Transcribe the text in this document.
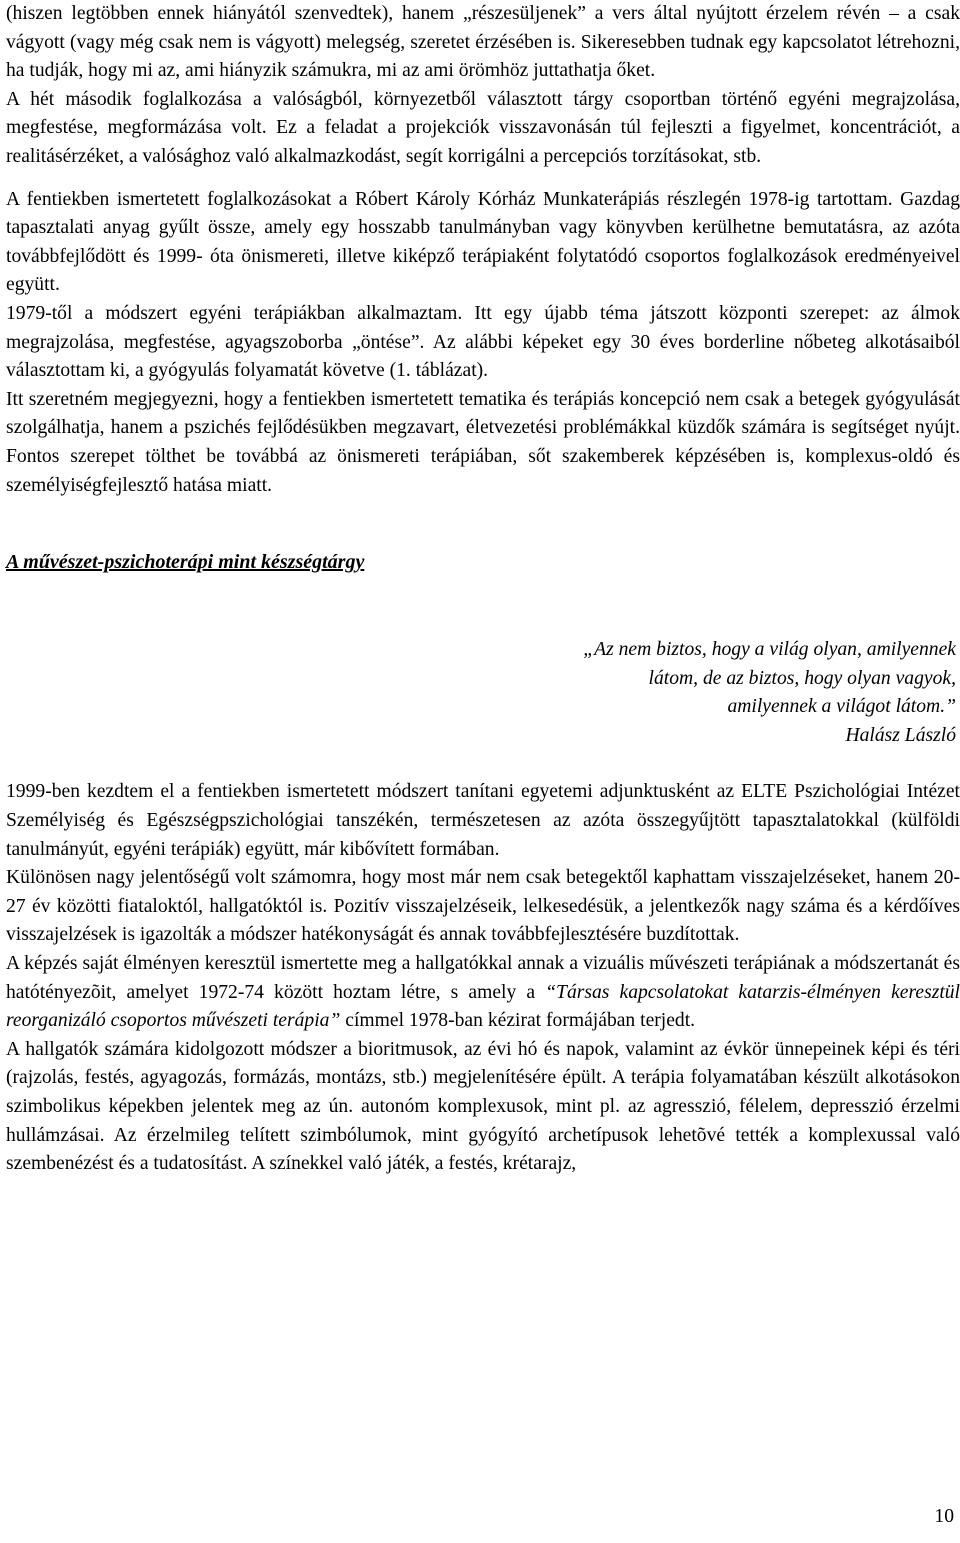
(hiszen legtöbben ennek hiányától szenvedtek), hanem „részesüljenek” a vers által nyújtott érzelem révén – a csak vágyott (vagy még csak nem is vágyott) melegség, szeretet érzésében is. Sikeresebben tudnak egy kapcsolatot létrehozni, ha tudják, hogy mi az, ami hiányzik számukra, mi az ami örömhöz juttathatja őket.

A hét második foglalkozása a valóságból, környezetből választott tárgy csoportban történő egyéni megrajzolása, megfestése, megformázása volt. Ez a feladat a projekciók visszavonásán túl fejleszti a figyelmet, koncentrációt, a realitásérzéket, a valósághoz való alkalmazkodást, segít korrigálni a percepciós torzításokat, stb.

A fentiekben ismertetett foglalkozásokat a Róbert Károly Kórház Munkaterápiás részlegén 1978-ig tartottam. Gazdag tapasztalati anyag gyűlt össze, amely egy hosszabb tanulmányban vagy könyvben kerülhetne bemutatásra, az azóta továbbfejlődött és 1999- óta önismereti, illetve kiképző terápiaként folytatódó csoportos foglalkozások eredményeivel együtt.

1979-től a módszert egyéni terápiákban alkalmaztam. Itt egy újabb téma játszott központi szerepet: az álmok megrajzolása, megfestése, agyagszoborba „öntése”. Az alábbi képeket egy 30 éves borderline nőbeteg alkotásaiból választottam ki, a gyógyulás folyamatát követve (1. táblázat).

Itt szeretném megjegyezni, hogy a fentiekben ismertetett tematika és terápiás koncepció nem csak a betegek gyógyulását szolgálhatja, hanem a pszichés fejlődésükben megzavart, életvezetési problémákkal küzdők számára is segítséget nyújt. Fontos szerepet tölthet be továbbá az önismereti terápiában, sőt szakemberek képzésében is, komplexus-oldó és személyiségfejlesztő hatása miatt.

A művészet-pszichoterápi mint készségtárgy
„Az nem biztos, hogy a világ olyan, amilyennek
látom, de az biztos, hogy olyan vagyok,
amilyennek a világot látom.”
Halász László

1999-ben kezdtem el a fentiekben ismertetett módszert tanítani egyetemi adjunktusként az ELTE Pszichológiai Intézet Személyiség és Egészségpszichológiai tanszékén, természetesen az azóta összegyűjtött tapasztalatokkal (külföldi tanulmányút, egyéni terápiák) együtt, már kibővített formában.

Különösen nagy jelentőségű volt számomra, hogy most már nem csak betegektől kaphattam visszajelzéseket, hanem 20-27 év közötti fiataloktól, hallgatóktól is. Pozitív visszajelzéseik, lelkesedésük, a jelentkezők nagy száma és a kérdőíves visszajelzések is igazolták a módszer hatékonyságát és annak továbbfejlesztésére buzdítottak.

A képzés saját élményen keresztül ismertette meg a hallgatókkal annak a vizuális művészeti terápiának a módszertanát és hatótényezõit, amelyet 1972-74 között hoztam létre, s amely a “Társas kapcsolatokat katarzis-élményen keresztül reorganizáló csoportos művészeti terápia” címmel 1978-ban kézirat formájában terjedt.

A hallgatók számára kidolgozott módszer a bioritmusok, az évi hó és napok, valamint az évkör ünnepeinek képi és téri (rajzolás, festés, agyagozás, formázás, montázs, stb.) megjelenítésére épült. A terápia folyamatában készült alkotásokon szimbolikus képekben jelentek meg az ún. autonóm komplexusok, mint pl. az agresszió, félelem, depresszió érzelmi hullámzásai. Az érzelmileg telített szimbólumok, mint gyógyító archetípusok lehetõvé tették a komplexussal való szembenézést és a tudatosítást. A színekkel való játék, a festés, krétarajz,

10
